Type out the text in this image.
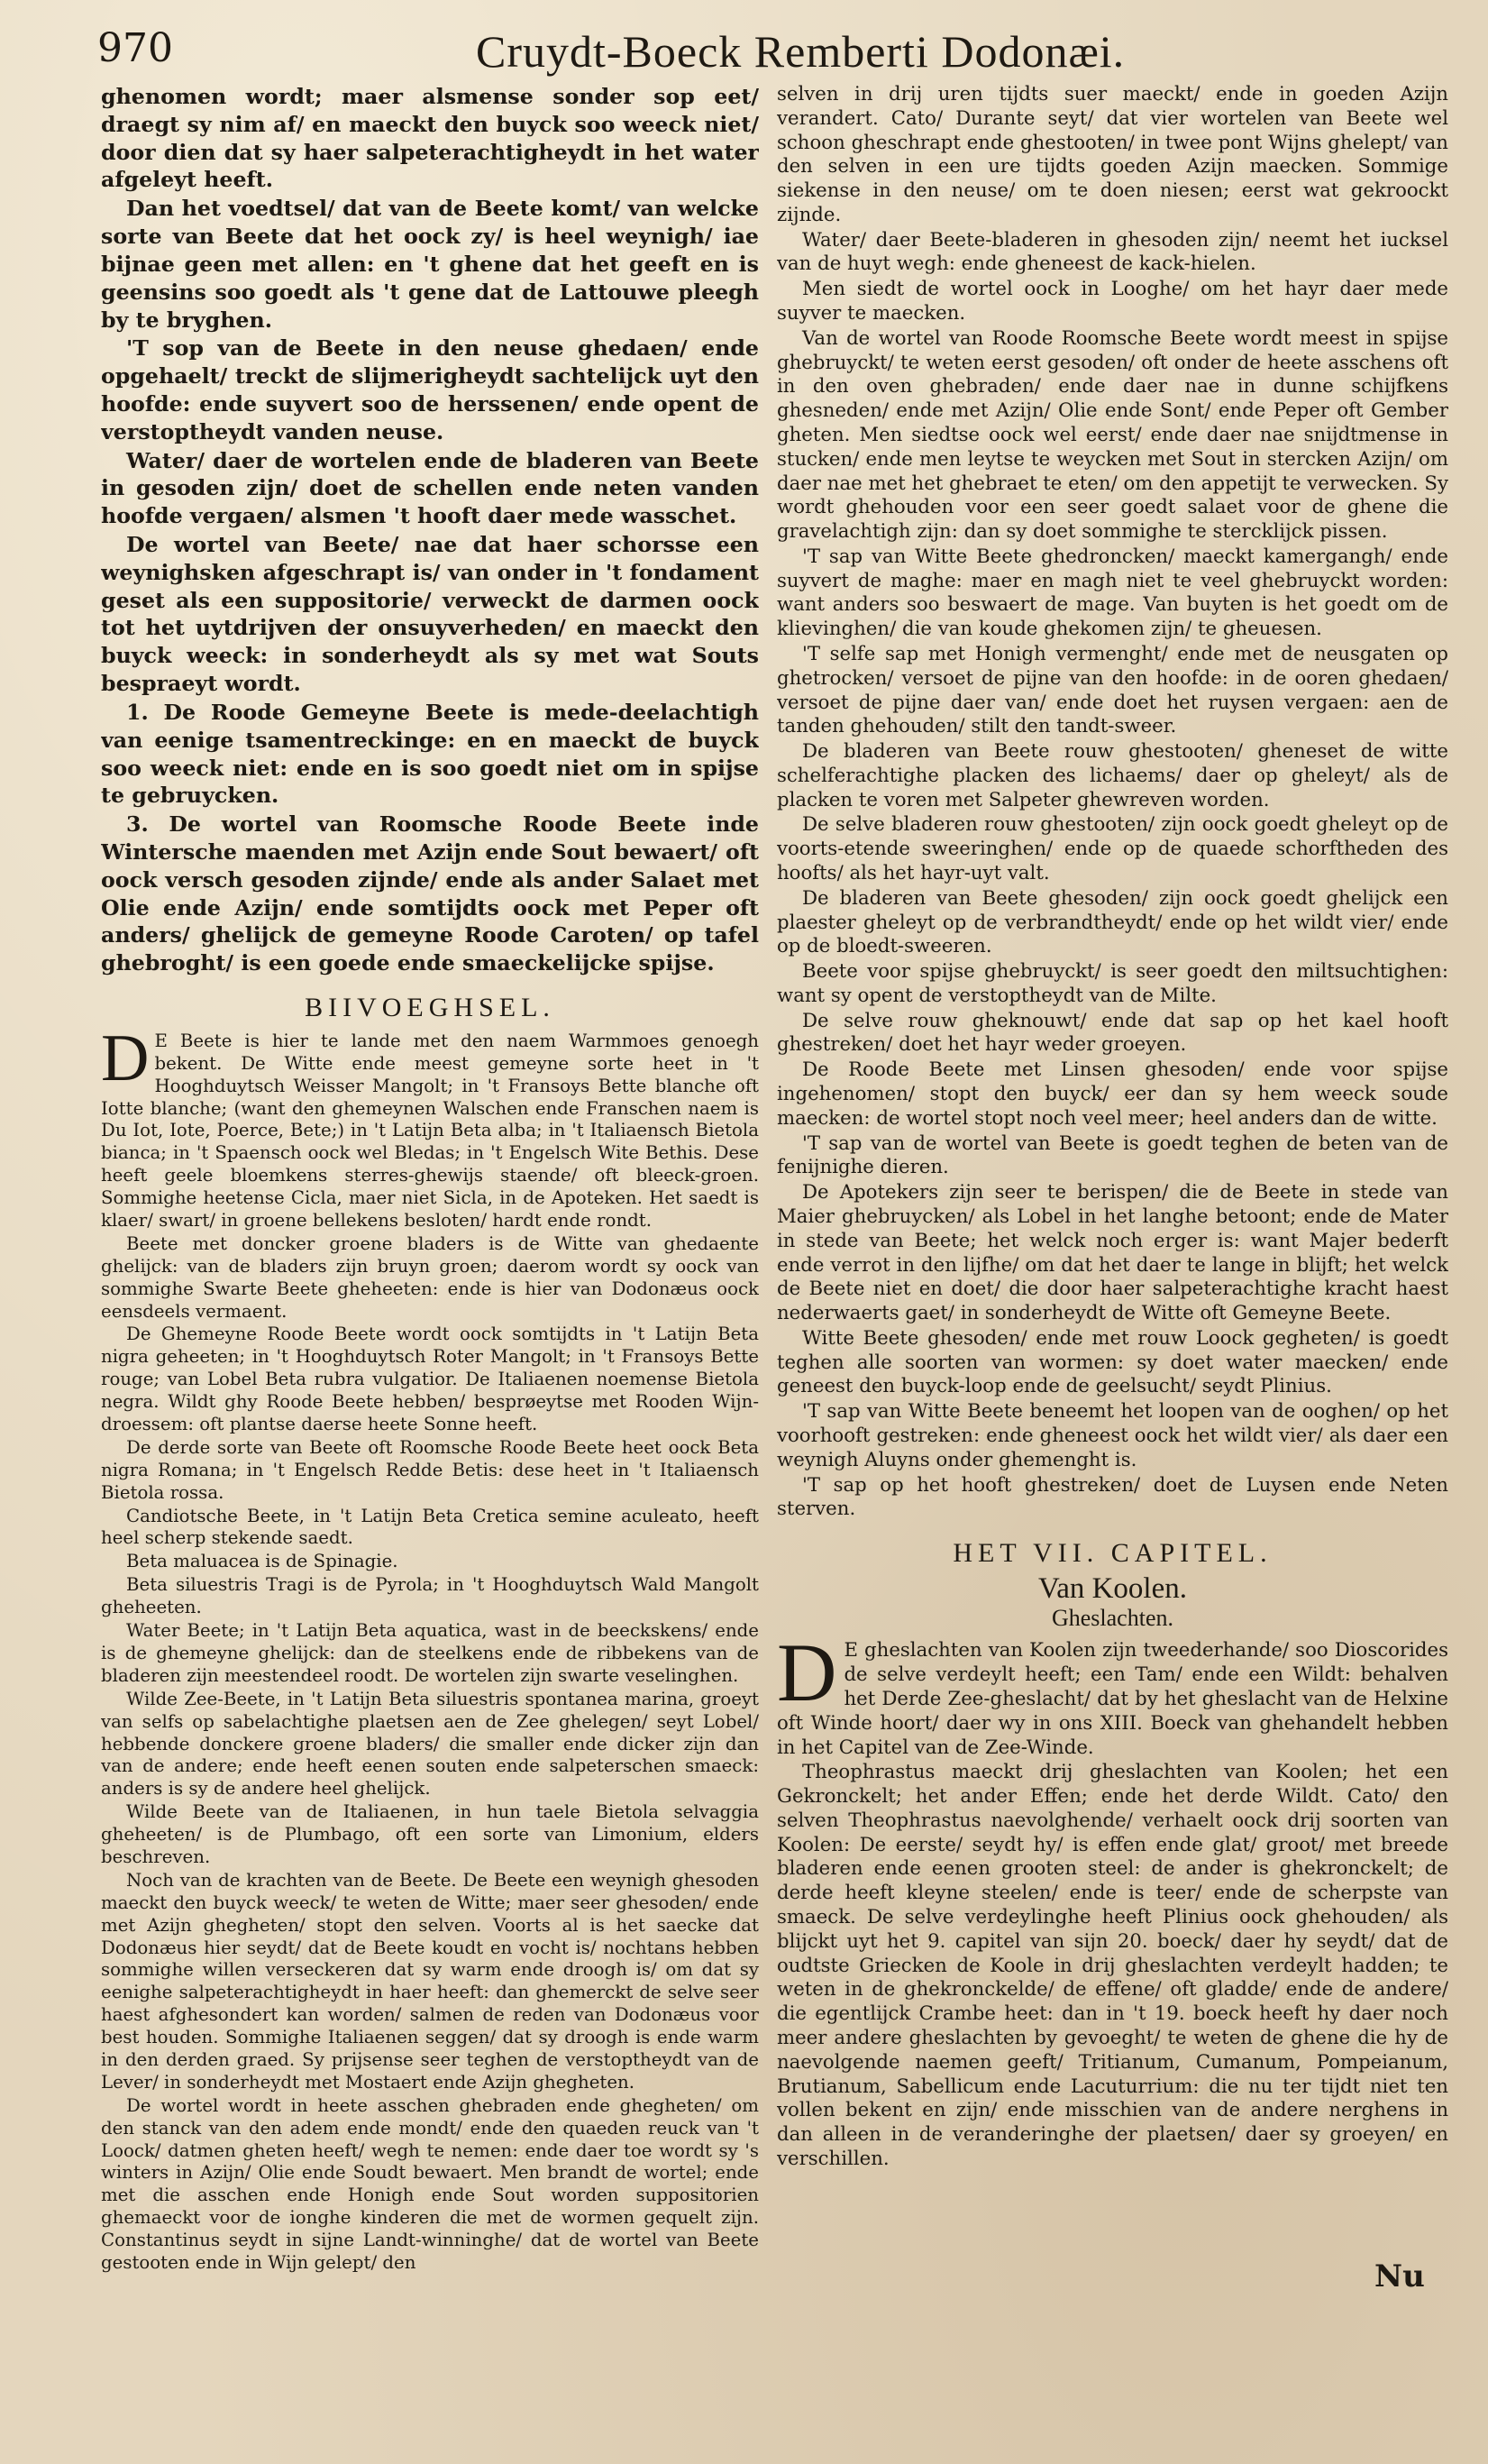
970	Cruydt-Boeck Remberti Dodonæi.

ghenomen wordt; maer alsmense sonder sop eet/ draegt sy nim af/ en maeckt den buyck soo weeck niet/ door dien dat sy haer salpeterachtigheydt in het water afgeleyt heeft.

Dan het voedtsel/ dat van de Beete komt/ van welcke sorte van Beete dat het oock zy/ is heel weynigh/ iae bijnae geen met allen: en 't ghene dat het geeft en is geensins soo goedt als 't gene dat de Lattouwe pleegh by te bryghen.

'T sop van de Beete in den neuse ghedaen/ ende opgehaelt/ treckt de slijmerigheydt sachtelijck uyt den hoofde: ende suyvert soo de herssenen/ ende opent de verstoptheydt vanden neuse.

Water/ daer de wortelen ende de bladeren van Beete in gesoden zijn/ doet de schellen ende neten vanden hoofde vergaen/ alsmen 't hooft daer mede wasschet.

De wortel van Beete/ nae dat haer schorsse een weynighsken afgeschrapt is/ van onder in 't fondament geset als een suppositorie/ verweckt de darmen oock tot het uytdrijven der onsuyverheden/ en maeckt den buyck weeck: in sonderheydt als sy met wat Souts bespraeyt wordt.

1. De Roode Gemeyne Beete is mede-deelachtigh van eenige tsamentreckinge: en en maeckt de buyck soo weeck niet: ende en is soo goedt niet om in spijse te gebruycken.

3. De wortel van Roomsche Roode Beete inde Wintersche maenden met Azijn ende Sout bewaert/ oft oock versch gesoden zijnde/ ende als ander Salaet met Olie ende Azijn/ ende somtijdts oock met Peper oft anders/ ghelijck de gemeyne Roode Caroten/ op tafel ghebroght/ is een goede ende smaeckelijcke spijse.

BIIVOEGHSEL.

D E Beete is hier te lande met den naem Warmmoes genoegh bekent. De Witte ende meest gemeyne sorte heet in 't Hooghduytsch Weisser Mangolt; in 't Fransoys Bette blanche oft Iotte blanche; (want den ghemeynen Walschen ende Franschen naem is Du Iot, Iote, Poerce, Bete;) in 't Latijn Beta alba; in 't Italiaensch Bietola bianca; in 't Spaensch oock wel Bledas; in 't Engelsch Wite Bethis. Dese heeft geele bloemkens sterres-ghewijs staende/ oft bleeck-groen. Sommighe heetense Cicla, maer niet Sicla, in de Apoteken. Het saedt is klaer/ swart/ in groene bellekens besloten/ hardt ende rondt.

Beete met doncker groene bladers is de Witte van ghedaente ghelijck: van de bladers zijn bruyn groen; daerom wordt sy oock van sommighe Swarte Beete gheheeten: ende is hier van Dodonæus oock eensdeels vermaent.

De Ghemeyne Roode Beete wordt oock somtijdts in 't Latijn Beta nigra geheeten; in 't Hooghduytsch Roter Mangolt; in 't Fransoys Bette rouge; van Lobel Beta rubra vulgatior. De Italiaenen noemense Bietola negra. Wildt ghy Roode Beete hebben/ besprøeytse met Rooden Wijn-droessem: oft plantse daerse heete Sonne heeft.

De derde sorte van Beete oft Roomsche Roode Beete heet oock Beta nigra Romana; in 't Engelsch Redde Betis: dese heet in 't Italiaensch Bietola rossa.

Candiotsche Beete, in 't Latijn Beta Cretica semine aculeato, heeft heel scherp stekende saedt.

Beta maluacea is de Spinagie.

Beta siluestris Tragi is de Pyrola; in 't Hooghduytsch Wald Mangolt gheheeten.

Water Beete; in 't Latijn Beta aquatica, wast in de beeckskens/ ende is de ghemeyne ghelijck: dan de steelkens ende de ribbekens van de bladeren zijn meestendeel roodt. De wortelen zijn swarte veselinghen.

Wilde Zee-Beete, in 't Latijn Beta siluestris spontanea marina, groeyt van selfs op sabelachtighe plaetsen aen de Zee ghelegen/ seyt Lobel/ hebbende donckere groene bladers/ die smaller ende dicker zijn dan van de andere; ende heeft eenen souten ende salpeterschen smaeck: anders is sy de andere heel ghelijck.

Wilde Beete van de Italiaenen, in hun taele Bietola selvaggia gheheeten/ is de Plumbago, oft een sorte van Limonium, elders beschreven.

Noch van de krachten van de Beete. De Beete een weynigh ghesoden maeckt den buyck weeck/ te weten de Witte; maer seer ghesoden/ ende met Azijn ghegheten/ stopt den selven. Voorts al is het saecke dat Dodonæus hier seydt/ dat de Beete koudt en vocht is/ nochtans hebben sommighe willen verseckeren dat sy warm ende droogh is/ om dat sy eenighe salpeterachtigheydt in haer heeft: dan ghemerckt de selve seer haest afghesondert kan worden/ salmen de reden van Dodonæus voor best houden. Sommighe Italiaenen seggen/ dat sy droogh is ende warm in den derden graed. Sy prijsense seer teghen de verstoptheydt van de Lever/ in sonderheydt met Mostaert ende Azijn ghegheten.

De wortel wordt in heete asschen ghebraden ende ghegheten/ om den stanck van den adem ende mondt/ ende den quaeden reuck van 't Loock/ datmen gheten heeft/ wegh te nemen: ende daer toe wordt sy 's winters in Azijn/ Olie ende Soudt bewaert. Men brandt de wortel; ende met die asschen ende Honigh ende Sout worden suppositorien ghemaeckt voor de ionghe kinderen die met de wormen gequelt zijn. Constantinus seydt in sijne Landt-winninghe/ dat de wortel van Beete gestooten ende in Wijn gelept/ den

selven in drij uren tijdts suer maeckt/ ende in goeden Azijn verandert. Cato/ Durante seyt/ dat vier wortelen van Beete wel schoon gheschrapt ende ghestooten/ in twee pont Wijns ghelept/ van den selven in een ure tijdts goeden Azijn maecken. Sommige siekense in den neuse/ om te doen niesen; eerst wat gekroockt zijnde.

Water/ daer Beete-bladeren in ghesoden zijn/ neemt het iucksel van de huyt wegh: ende gheneest de kack-hielen.

Men siedt de wortel oock in Looghe/ om het hayr daer mede suyver te maecken.

Van de wortel van Roode Roomsche Beete wordt meest in spijse ghebruyckt/ te weten eerst gesoden/ oft onder de heete asschens oft in den oven ghebraden/ ende daer nae in dunne schijfkens ghesneden/ ende met Azijn/ Olie ende Sont/ ende Peper oft Gember gheten. Men siedtse oock wel eerst/ ende daer nae snijdtmense in stucken/ ende men leytse te weycken met Sout in stercken Azijn/ om daer nae met het ghebraet te eten/ om den appetijt te verwecken. Sy wordt ghehouden voor een seer goedt salaet voor de ghene die gravelachtigh zijn: dan sy doet sommighe te stercklijck pissen.

'T sap van Witte Beete ghedroncken/ maeckt kamergangh/ ende suyvert de maghe: maer en magh niet te veel ghebruyckt worden: want anders soo beswaert de mage. Van buyten is het goedt om de klievinghen/ die van koude ghekomen zijn/ te gheuesen.

'T selfe sap met Honigh vermenght/ ende met de neusgaten op ghetrocken/ versoet de pijne van den hoofde: in de ooren ghedaen/ versoet de pijne daer van/ ende doet het ruysen vergaen: aen de tanden ghehouden/ stilt den tandt-sweer.

De bladeren van Beete rouw ghestooten/ gheneset de witte schelferachtighe placken des lichaems/ daer op gheleyt/ als de placken te voren met Salpeter ghewreven worden.

De selve bladeren rouw ghestooten/ zijn oock goedt gheleyt op de voorts-etende sweeringhen/ ende op de quaede schorftheden des hoofts/ als het hayr-uyt valt.

De bladeren van Beete ghesoden/ zijn oock goedt ghelijck een plaester gheleyt op de verbrandtheydt/ ende op het wildt vier/ ende op de bloedt-sweeren.

Beete voor spijse ghebruyckt/ is seer goedt den miltsuchtighen: want sy opent de verstoptheydt van de Milte.

De selve rouw gheknouwt/ ende dat sap op het kael hooft ghestreken/ doet het hayr weder groeyen.

De Roode Beete met Linsen ghesoden/ ende voor spijse ingehenomen/ stopt den buyck/ eer dan sy hem weeck soude maecken: de wortel stopt noch veel meer; heel anders dan de witte.

'T sap van de wortel van Beete is goedt teghen de beten van de fenijnighe dieren.

De Apotekers zijn seer te berispen/ die de Beete in stede van Maier ghebruycken/ als Lobel in het langhe betoont; ende de Mater in stede van Beete; het welck noch erger is: want Majer bederft ende verrot in den lijfhe/ om dat het daer te lange in blijft; het welck de Beete niet en doet/ die door haer salpeterachtighe kracht haest nederwaerts gaet/ in sonderheydt de Witte oft Gemeyne Beete.

Witte Beete ghesoden/ ende met rouw Loock gegheten/ is goedt teghen alle soorten van wormen: sy doet water maecken/ ende geneest den buyck-loop ende de geelsucht/ seydt Plinius.

'T sap van Witte Beete beneemt het loopen van de ooghen/ op het voorhooft gestreken: ende gheneest oock het wildt vier/ als daer een weynigh Aluyns onder ghemenght is.

'T sap op het hooft ghestreken/ doet de Luysen ende Neten sterven.

HET VII. CAPITEL.
Van Koolen.
Gheslachten.

D E gheslachten van Koolen zijn tweederhande/ soo Dioscorides de selve verdeylt heeft; een Tam/ ende een Wildt: behalven het Derde Zee-gheslacht/ dat by het gheslacht van de Helxine oft Winde hoort/ daer wy in ons XIII. Boeck van ghehandelt hebben in het Capitel van de Zee-Winde.

Theophrastus maeckt drij gheslachten van Koolen; het een Gekronckelt; het ander Effen; ende het derde Wildt. Cato/ den selven Theophrastus naevolghende/ verhaelt oock drij soorten van Koolen: De eerste/ seydt hy/ is effen ende glat/ groot/ met breede bladeren ende eenen grooten steel: de ander is ghekronckelt; de derde heeft kleyne steelen/ ende is teer/ ende de scherpste van smaeck. De selve verdeylinghe heeft Plinius oock ghehouden/ als blijckt uyt het 9. capitel van sijn 20. boeck/ daer hy seydt/ dat de oudtste Griecken de Koole in drij gheslachten verdeylt hadden; te weten in de ghekronckelde/ de effene/ oft gladde/ ende de andere/ die egentlijck Crambe heet: dan in 't 19. boeck heeft hy daer noch meer andere gheslachten by gevoeght/ te weten de ghene die hy de naevolgende naemen geeft/ Tritianum, Cumanum, Pompeianum, Brutianum, Sabellicum ende Lacuturrium: die nu ter tijdt niet ten vollen bekent en zijn/ ende misschien van de andere nerghens in dan alleen in de veranderinghe der plaetsen/ daer sy groeyen/ en verschillen.

Nu
